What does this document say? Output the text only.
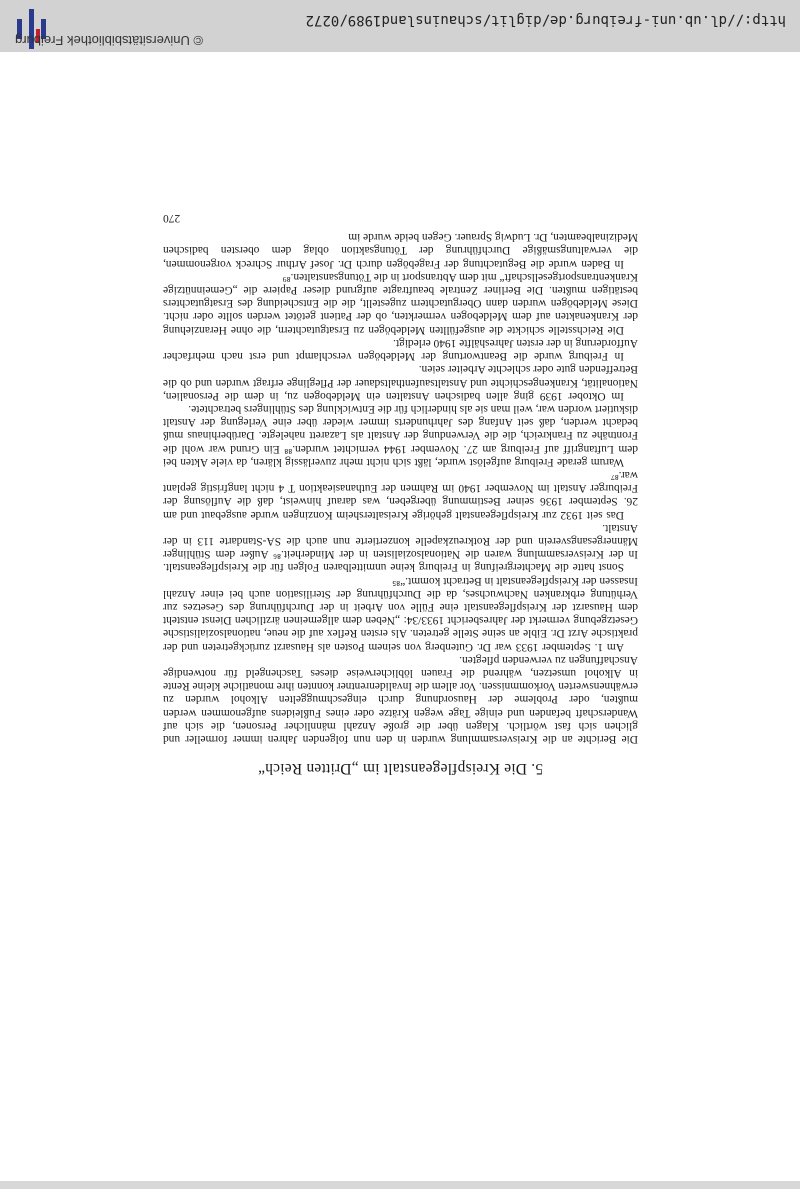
5. Die Kreispflegeanstalt im „Dritten Reich“

Die Berichte an die Kreisversammlung wurden in den nun folgenden Jahren immer formeller und glichen sich fast wörtlich. Klagen über die große Anzahl männlicher Personen, die sich auf Wanderschaft befanden und einige Tage wegen Krätze oder eines Fußleidens aufgenommen werden mußten, oder Probleme der Hausordnung durch eingeschmuggelten Alkohol wurden zu erwähnenswerten Vorkommnissen. Vor allem die Invalidenrentner konnten ihre monatliche kleine Rente in Alkohol umsetzen, während die Frauen löblicherweise dieses Taschengeld für notwendige Anschaffungen zu verwenden pflegten.

Am 1. September 1933 war Dr. Gutenberg von seinem Posten als Hausarzt zurückgetreten und der praktische Arzt Dr. Eible an seine Stelle getreten. Als ersten Reflex auf die neue, nationalsozialistische Gesetzgebung vermerkt der Jahresbericht 1933/34: „Neben dem allgemeinen ärztlichen Dienst entsteht dem Hausarzt der Kreispflegeanstalt eine Fülle von Arbeit in der Durchführung des Gesetzes zur Verhütung erbkranken Nachwuchses, da die Durchführung der Sterilisation auch bei einer Anzahl Insassen der Kreispflegeanstalt in Betracht kommt.“⁸⁵

Sonst hatte die Machtergreifung in Freiburg keine unmittelbaren Folgen für die Kreispflegeanstalt. In der Kreisversammlung waren die Nationalsozialisten in der Minderheit.⁸⁶ Außer dem Stühlinger Männergesangsverein und der Rotkreuzkapelle konzertierte nun auch die SA-Standarte 113 in der Anstalt.

Das seit 1932 zur Kreispflegeanstalt gehörige Kreisaltersheim Konzingen wurde ausgebaut und am 26. September 1936 seiner Bestimmung übergeben, was darauf hinweist, daß die Auflösung der Freiburger Anstalt im November 1940 im Rahmen der Euthanasieaktion T 4 nicht langfristig geplant war.⁸⁷

Warum gerade Freiburg aufgelöst wurde, läßt sich nicht mehr zuverlässig klären, da viele Akten bei dem Luftangriff auf Freiburg am 27. November 1944 vernichtet wurden.⁸⁸ Ein Grund war wohl die Frontnähe zu Frankreich, die die Verwendung der Anstalt als Lazarett nahelegte. Darüberhinaus muß bedacht werden, daß seit Anfang des Jahrhunderts immer wieder über eine Verlegung der Anstalt diskutiert worden war, weil man sie als hinderlich für die Entwicklung des Stühlingers betrachtete.

Im Oktober 1939 ging allen badischen Anstalten ein Meldebogen zu, in dem die Personalien, Nationalität, Krankengeschichte und Anstaltsaufenthaltsdauer der Pfleglinge erfragt wurden und ob die Betreffenden gute oder schlechte Arbeiter seien.

In Freiburg wurde die Beantwortung der Meldebögen verschlampt und erst nach mehrfacher Aufforderung in der ersten Jahreshälfte 1940 erledigt.

Die Reichsstelle schickte die ausgefüllten Meldebögen zu Ersatgutachtern, die ohne Heranziehung der Krankenakten auf dem Meldebogen vermerkten, ob der Patient getötet werden sollte oder nicht. Diese Meldebögen wurden dann Obergutachtern zugestellt, die die Entscheidung des Ersatgutachters bestätigen mußten. Die Berliner Zentrale beauftragte aufgrund dieser Papiere die „Gemeinnützige Krankentransportgesellschaft“ mit dem Abtransport in die Tötungsanstalten.⁸⁹

In Baden wurde die Begutachtung der Fragebögen durch Dr. Josef Arthur Schreck vorgenommen, die verwaltungsmäßige Durchführung der Tötungsaktion oblag dem obersten badischen Medizinalbeamten, Dr. Ludwig Sprauer. Gegen beide wurde im

270
© Universitätsbibliothek Freiburg
http://dl.ub.uni-freiburg.de/diglit/schauinsland1989/0272
